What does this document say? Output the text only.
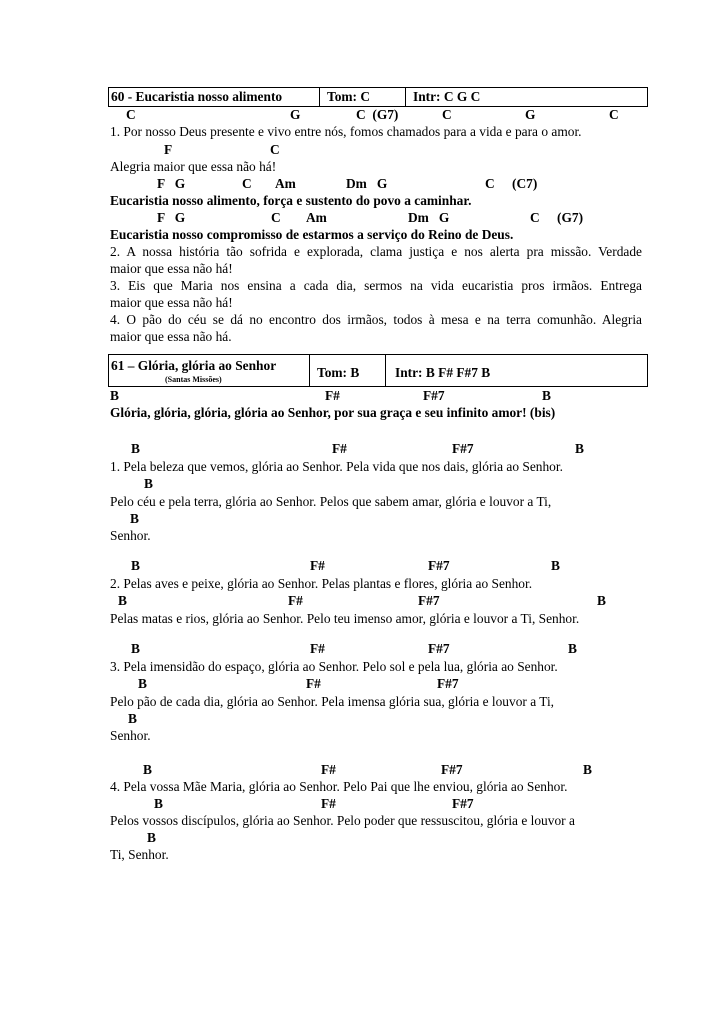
60 - Eucaristia nosso alimento	Tom: C	Intr: C G C
C	G	C  (G7)	C	G	C
1. Por nosso Deus presente e vivo entre nós, fomos chamados para a vida e para o amor.
F	C
Alegria maior que essa não há!
F   G	C Am	Dm   G	C (C7)
Eucaristia nosso alimento, força e sustento do povo a caminhar.
F   G	C Am	Dm   G	C (G7)
Eucaristia nosso compromisso de estarmos a serviço do Reino de Deus.
2. A nossa história tão sofrida e explorada, clama justiça e nos alerta pra missão. Verdade
maior que essa não há!
3. Eis que Maria nos ensina a cada dia, sermos na vida eucaristia pros irmãos. Entrega
maior que essa não há!
4. O pão do céu se dá no encontro dos irmãos, todos à mesa e na terra comunhão. Alegria
maior que essa não há.
61 – Glória, glória ao Senhor
(Santas Missões)	Tom: B	Intr: B F# F#7 B
B	F#	F#7	B
Glória, glória, glória, glória ao Senhor, por sua graça e seu infinito amor! (bis)
B	F#	F#7	B
1. Pela beleza que vemos, glória ao Senhor. Pela vida que nos dais, glória ao Senhor.
B
Pelo céu e pela terra, glória ao Senhor. Pelos que sabem amar, glória e louvor a Ti,
B
Senhor.
B	F#	F#7	B
2. Pelas aves e peixe, glória ao Senhor. Pelas plantas e flores, glória ao Senhor.
B	F#	F#7	B
Pelas matas e rios, glória ao Senhor. Pelo teu imenso amor, glória e louvor a Ti, Senhor.
B	F#	F#7	B
3. Pela imensidão do espaço, glória ao Senhor. Pelo sol e pela lua, glória ao Senhor.
B	F#	F#7
Pelo pão de cada dia, glória ao Senhor. Pela imensa glória sua, glória e louvor a Ti,
B
Senhor.
B	F#	F#7	B
4. Pela vossa Mãe Maria, glória ao Senhor. Pelo Pai que lhe enviou, glória ao Senhor.
B	F#	F#7
Pelos vossos discípulos, glória ao Senhor. Pelo poder que ressuscitou, glória e louvor a
B
Ti, Senhor.
